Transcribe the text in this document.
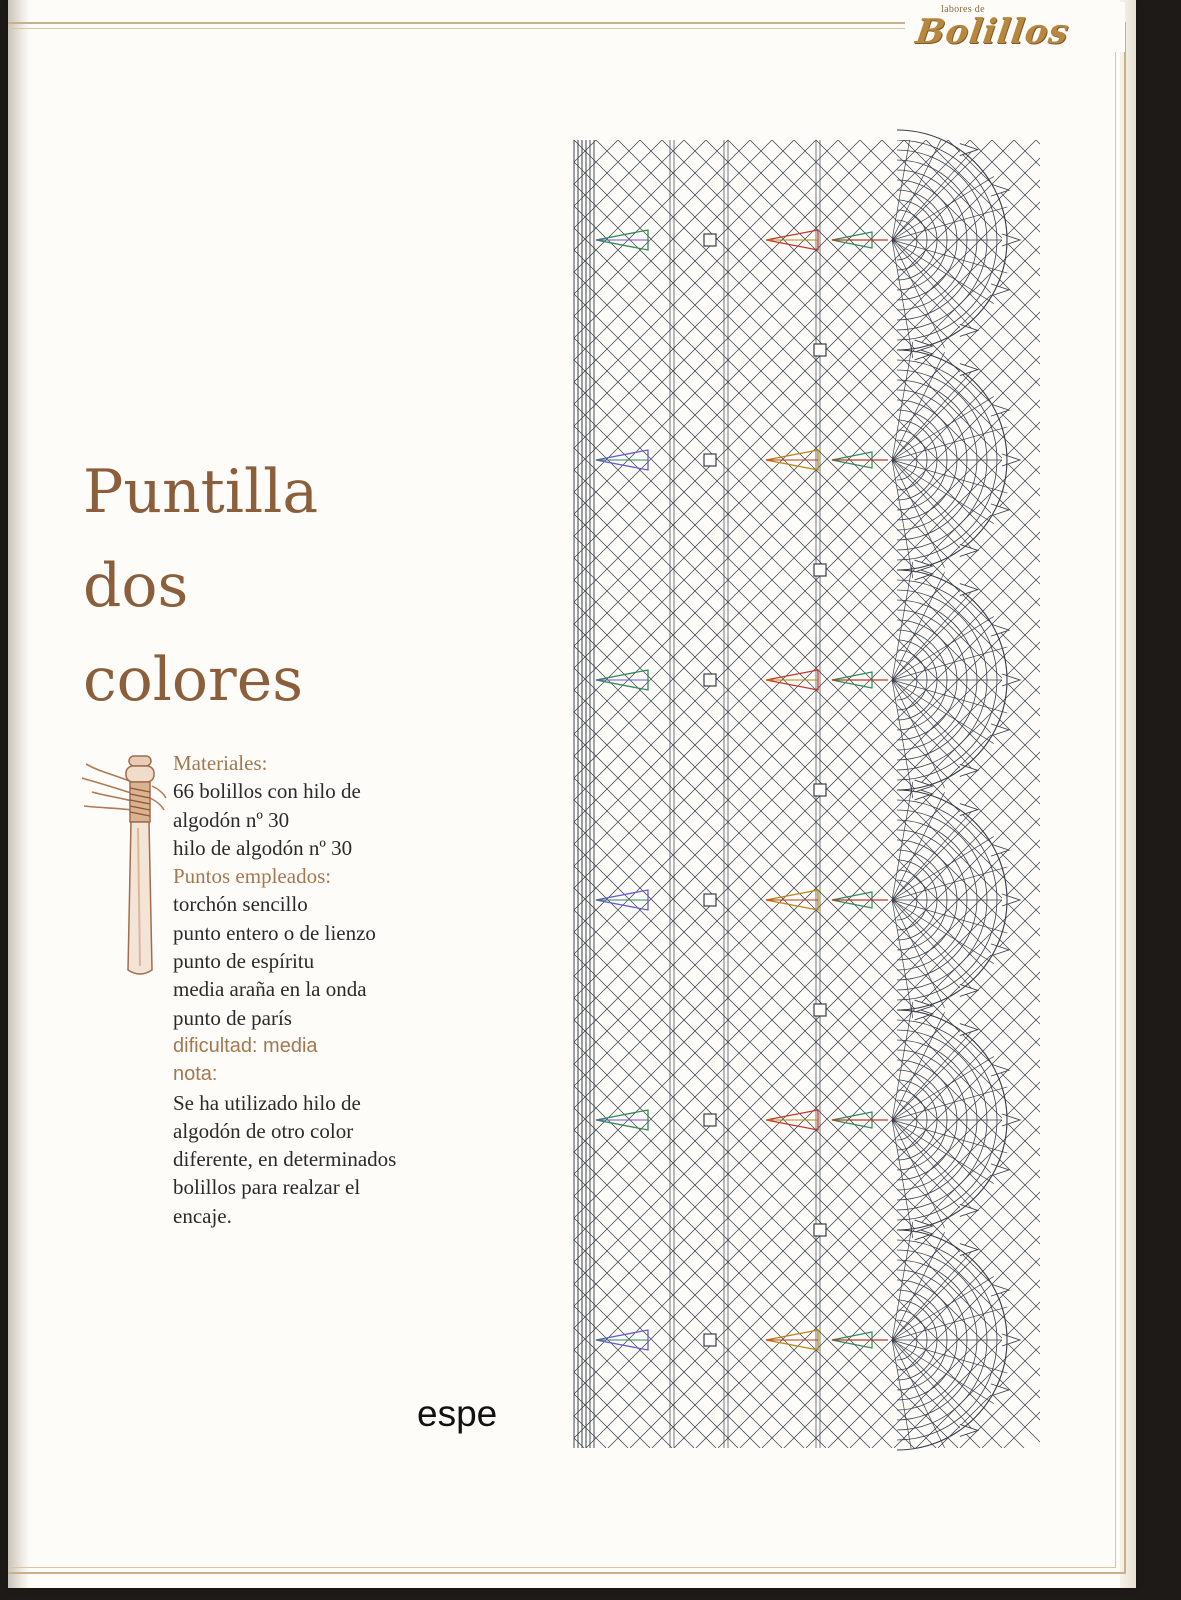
labores de
Bolillos
Puntilla
dos
colores
Materiales:
66 bolillos con hilo de
algodón nº 30
hilo de algodón nº 30
Puntos empleados:
torchón sencillo
punto entero o de lienzo
punto de espíritu
media araña en la onda
punto de parís
dificultad: media
nota:
Se ha utilizado hilo de
algodón de otro color
diferente, en determinados
bolillos para realzar el
encaje.
espe
